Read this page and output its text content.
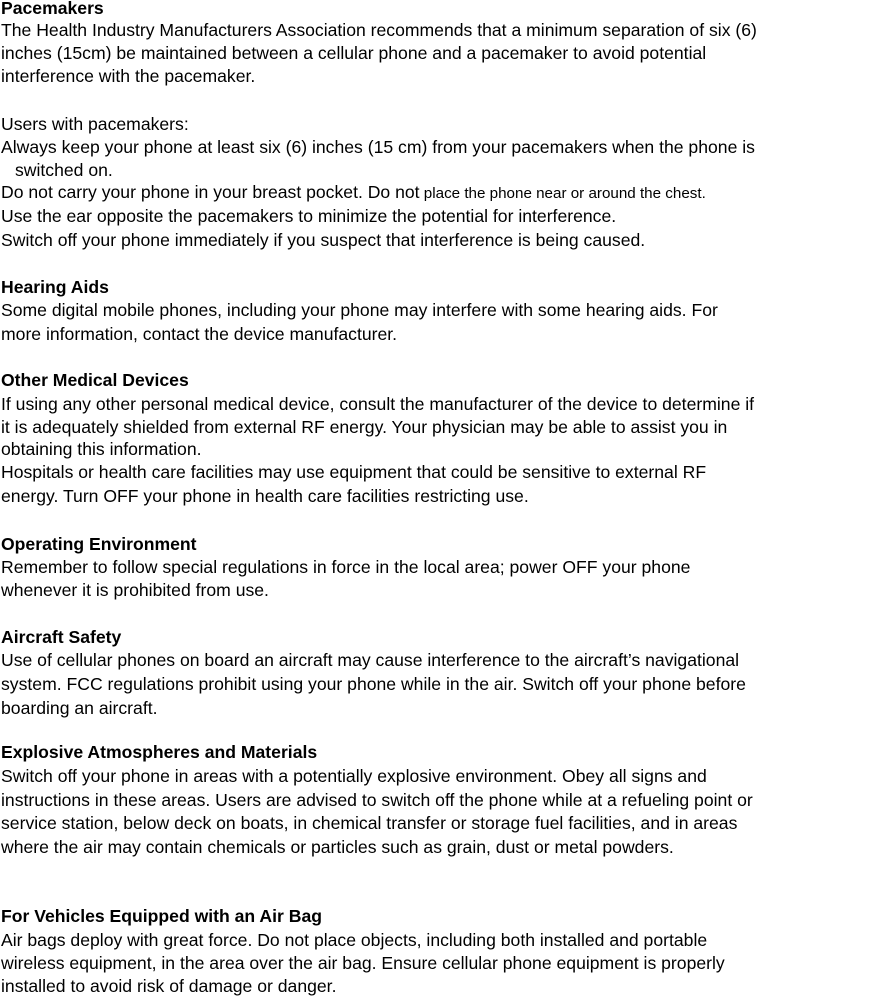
Pacemakers
The Health Industry Manufacturers Association recommends that a minimum separation of six (6)
inches (15cm) be maintained between a cellular phone and a pacemaker to avoid potential
interference with the pacemaker.
Users with pacemakers:
Always keep your phone at least six (6) inches (15 cm) from your pacemakers when the phone is
switched on.
Do not carry your phone in your breast pocket. Do not place the phone near or around the chest.
Use the ear opposite the pacemakers to minimize the potential for interference.
Switch off your phone immediately if you suspect that interference is being caused.
Hearing Aids
Some digital mobile phones, including your phone may interfere with some hearing aids. For
more information, contact the device manufacturer.
Other Medical Devices
If using any other personal medical device, consult the manufacturer of the device to determine if
it is adequately shielded from external RF energy. Your physician may be able to assist you in
obtaining this information.
Hospitals or health care facilities may use equipment that could be sensitive to external RF
energy. Turn OFF your phone in health care facilities restricting use.
Operating Environment
Remember to follow special regulations in force in the local area; power OFF your phone
whenever it is prohibited from use.
Aircraft Safety
Use of cellular phones on board an aircraft may cause interference to the aircraft’s navigational
system. FCC regulations prohibit using your phone while in the air. Switch off your phone before
boarding an aircraft.
Explosive Atmospheres and Materials
Switch off your phone in areas with a potentially explosive environment. Obey all signs and
instructions in these areas. Users are advised to switch off the phone while at a refueling point or
service station, below deck on boats, in chemical transfer or storage fuel facilities, and in areas
where the air may contain chemicals or particles such as grain, dust or metal powders.
For Vehicles Equipped with an Air Bag
Air bags deploy with great force. Do not place objects, including both installed and portable
wireless equipment, in the area over the air bag. Ensure cellular phone equipment is properly
installed to avoid risk of damage or danger.
